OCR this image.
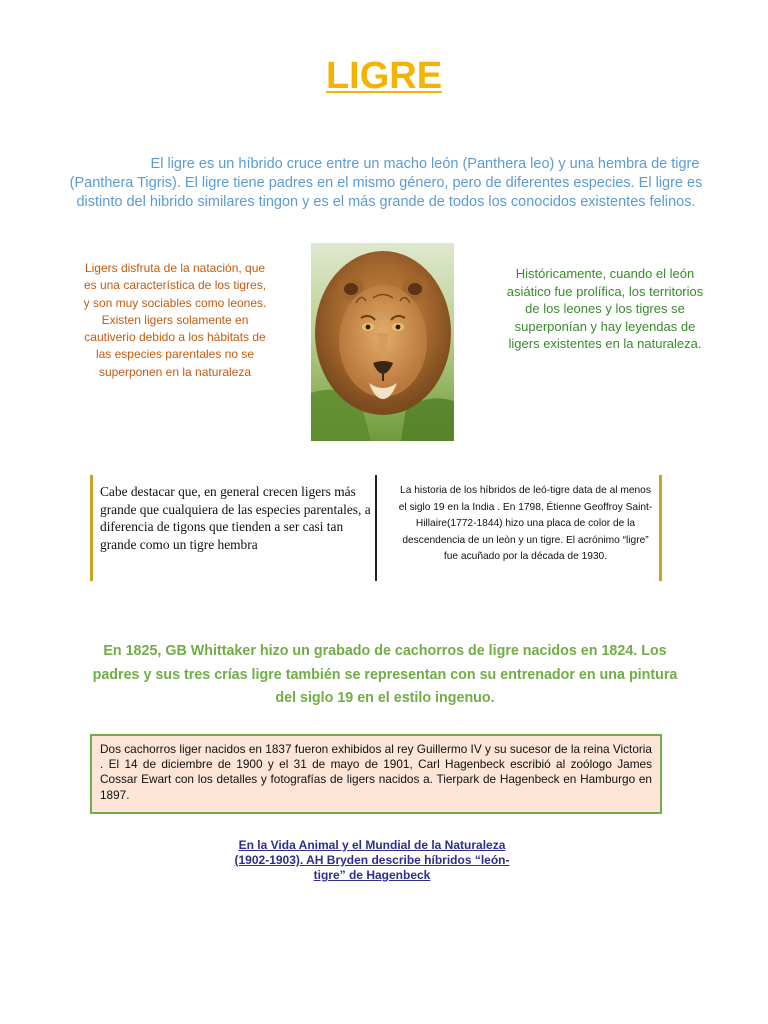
LIGRE
El ligre es un híbrido cruce entre un macho león (Panthera leo) y una hembra de tigre (Panthera Tigris). El ligre tiene padres en el mismo género, pero de diferentes especies. El ligre es distinto del hibrido similares tingon y es el más grande de todos los conocidos existentes felinos.
Ligers disfruta de la natación, que es una característica de los tigres, y son muy sociables como leones. Existen ligers solamente en cautiverio debido a los hábitats de las especies parentales no se superponen en la naturaleza
Históricamente, cuando el león asiático fue prolífica, los territorios de los leones y los tigres se superponían y hay leyendas de ligers existentes en la naturaleza.
Cabe destacar que, en general crecen ligers más grande que cualquiera de las especies parentales, a diferencia de tigons que tienden a ser casi tan grande como un tigre hembra
La historia de los híbridos de leó-tigre data de al menos el siglo 19 en la India . En 1798, Étienne Geoffroy Saint-Hillaire(1772-1844) hizo una placa de color de la descendencia de un leòn y un tigre. El acrónimo “ligre” fue acuñado por la década de 1930.
En 1825, GB Whittaker hizo un grabado de cachorros de ligre nacidos en 1824. Los padres y sus tres crías ligre también se representan con su entrenador en una pintura del siglo 19 en el estilo ingenuo.
Dos cachorros liger nacidos en 1837 fueron exhibidos al rey Guillermo IV y su sucesor de la reina Victoria . El 14 de diciembre de 1900 y el 31 de mayo de 1901, Carl Hagenbeck escribió al zoólogo James Cossar Ewart con los detalles y fotografías de ligers nacidos a. Tierpark de Hagenbeck en Hamburgo en 1897.
En la Vida Animal y el Mundial de la Naturaleza (1902-1903). AH Bryden describe híbridos “león-tigre” de Hagenbeck
